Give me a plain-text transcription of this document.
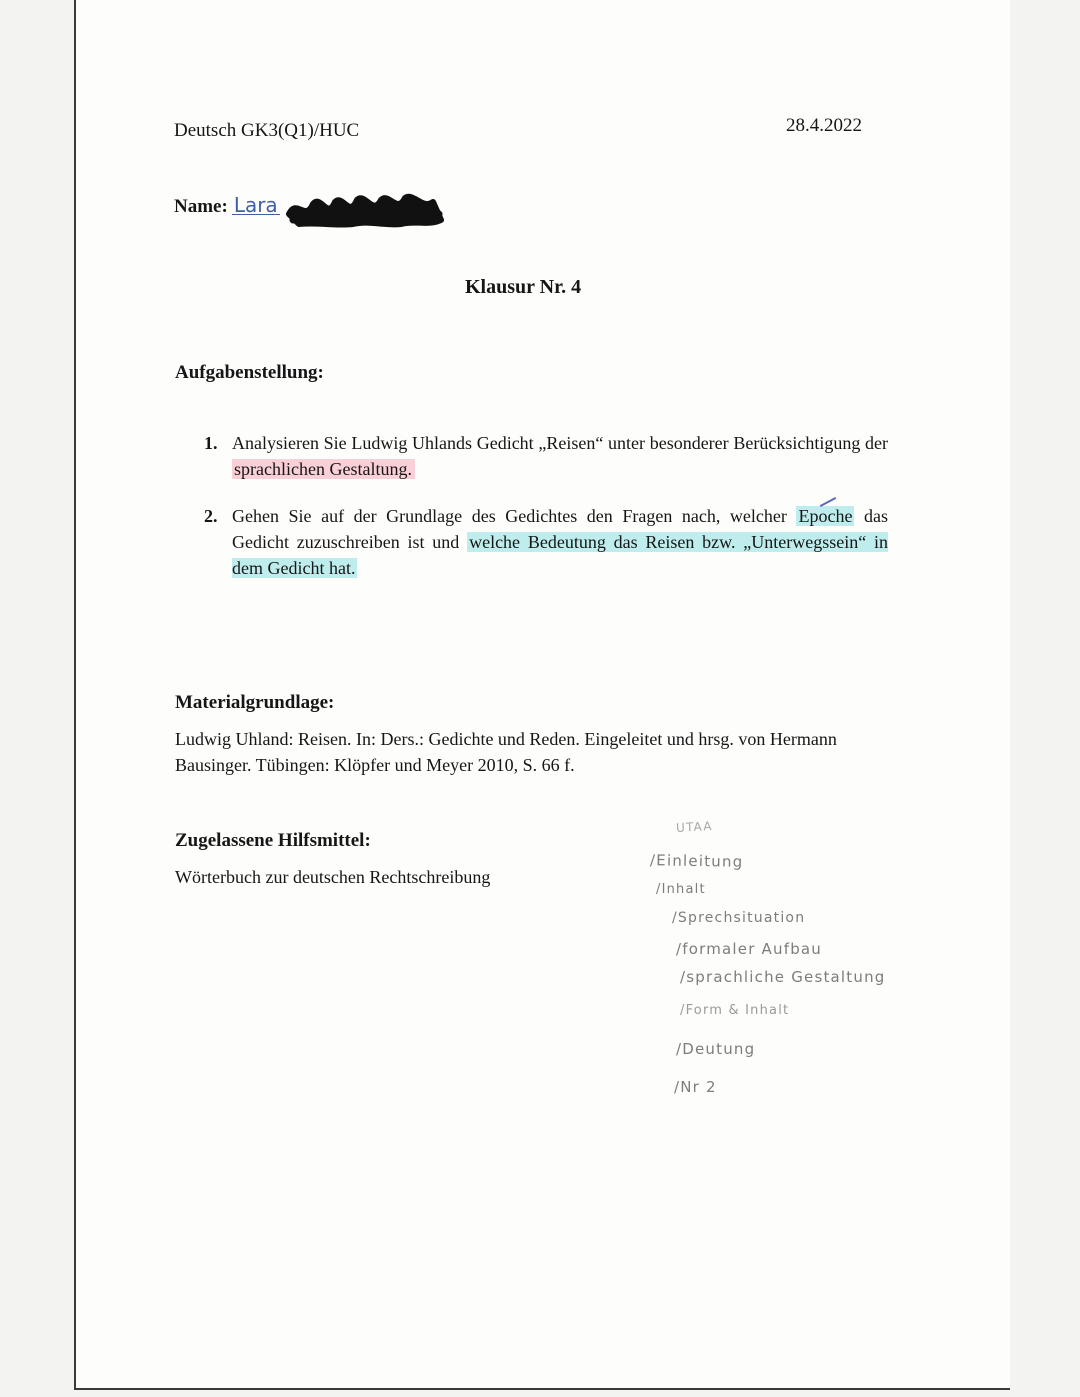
Deutsch GK3(Q1)/HUC	28.4.2022
Name: Lara
Klausur Nr. 4
Aufgabenstellung:
1. Analysieren Sie Ludwig Uhlands Gedicht „Reisen“ unter besonderer Berücksichtigung der sprachlichen Gestaltung.
2. Gehen Sie auf der Grundlage des Gedichtes den Fragen nach, welcher Epoche das Gedicht zuzuschreiben ist und welche Bedeutung das Reisen bzw. „Unterwegssein“ in dem Gedicht hat.
Materialgrundlage:
Ludwig Uhland: Reisen. In: Ders.: Gedichte und Reden. Eingeleitet und hrsg. von Hermann Bausinger. Tübingen: Klöpfer und Meyer 2010, S. 66 f.
Zugelassene Hilfsmittel:
Wörterbuch zur deutschen Rechtschreibung
UTAA
/Einleitung
/Inhalt
/Sprechsituation
/formaler Aufbau
/sprachliche Gestaltung
/Form & Inhalt
/Deutung
/Nr 2
